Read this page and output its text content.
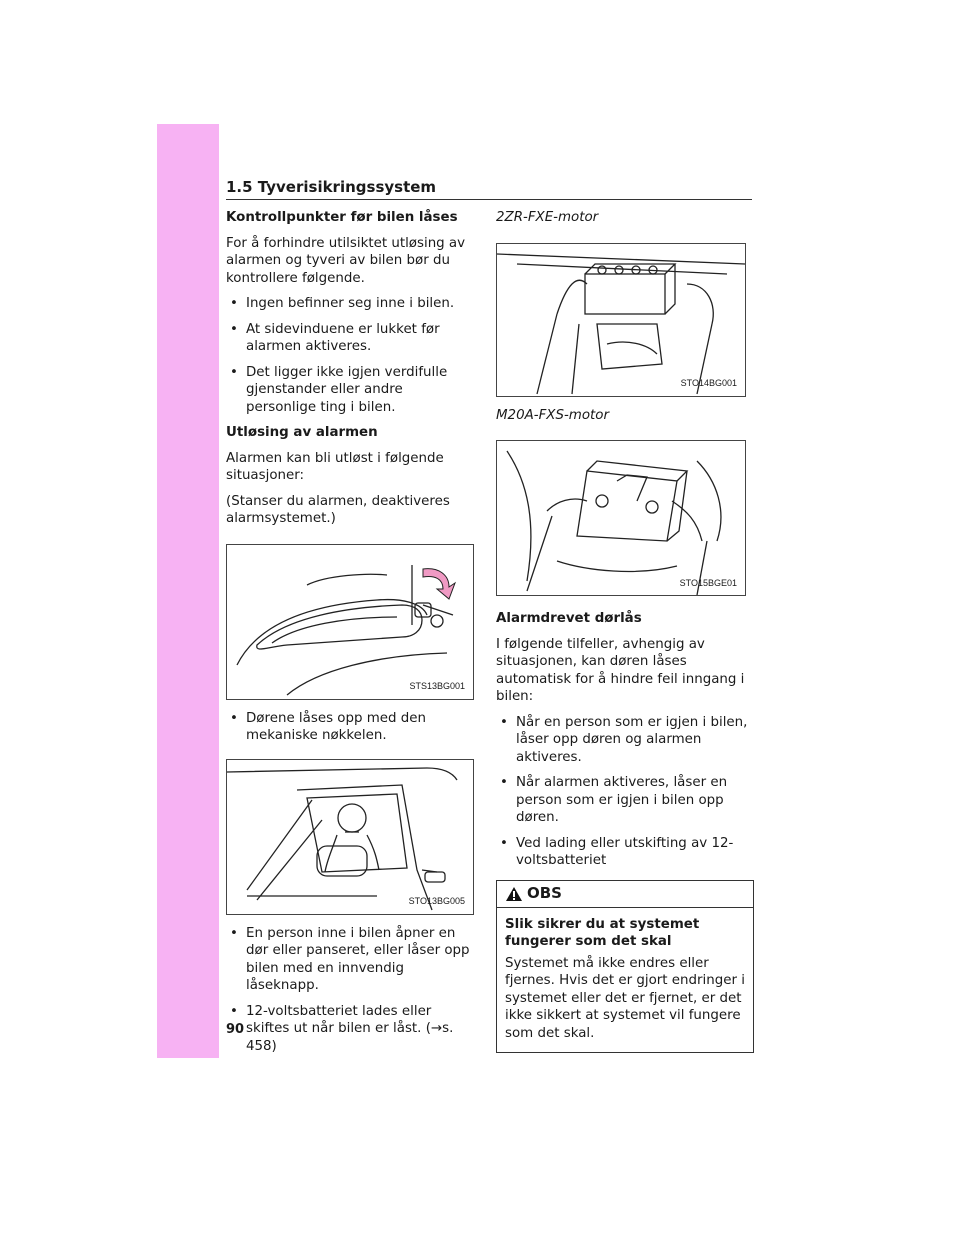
1.5 Tyverisikringssystem
Kontrollpunkter før bilen låses

For å forhindre utilsiktet utløsing av alarmen og tyveri av bilen bør du kontrollere følgende.

• Ingen befinner seg inne i bilen.
• At sidevinduene er lukket før alarmen aktiveres.
• Det ligger ikke igjen verdifulle gjenstander eller andre personlige ting i bilen.
Utløsing av alarmen

Alarmen kan bli utløst i følgende situasjoner:

(Stanser du alarmen, deaktiveres alarmsystemet.)

STS13BG001
• Dørene låses opp med den mekaniske nøkkelen.
STO13BG005
• En person inne i bilen åpner en dør eller panseret, eller låser opp bilen med en innvendig låseknapp.
• 12-voltsbatteriet lades eller skiftes ut når bilen er låst. (→s. 458)

2ZR-FXE-motor

STO14BG001

M20A-FXS-motor

STO15BGE01
Alarmdrevet dørlås

I følgende tilfeller, avhengig av situasjonen, kan døren låses automatisk for å hindre feil inngang i bilen:

• Når en person som er igjen i bilen, låser opp døren og alarmen aktiveres.
• Når alarmen aktiveres, låser en person som er igjen i bilen opp døren.
• Ved lading eller utskifting av 12-voltsbatteriet
OBS
Slik sikrer du at systemet fungerer som det skal

Systemet må ikke endres eller fjernes. Hvis det er gjort endringer i systemet eller det er fjernet, er det ikke sikkert at systemet vil fungere som det skal.

90
